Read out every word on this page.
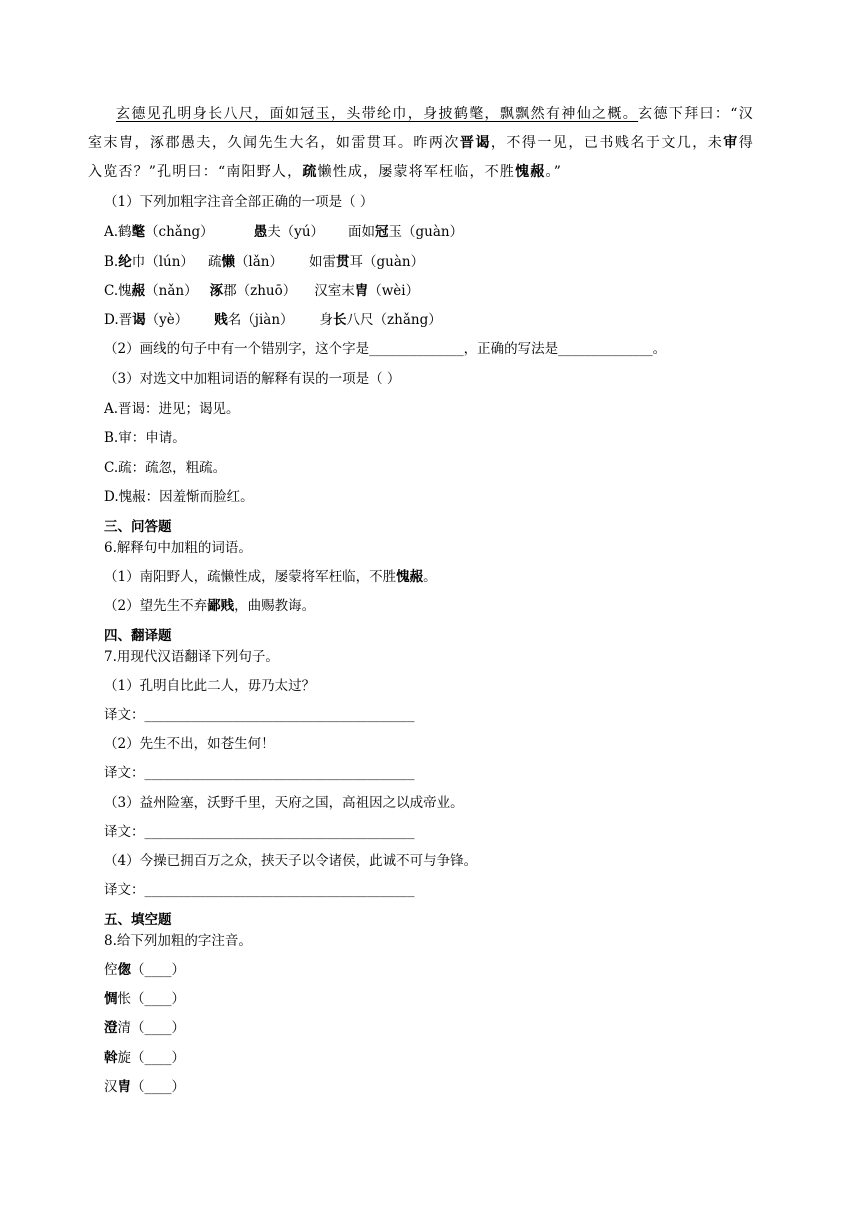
玄德见孔明身长八尺，面如冠玉，头带纶巾，身披鹤氅，飘飘然有神仙之概。玄德下拜曰：“汉室末胄，涿郡愚夫，久闻先生大名，如雷贯耳。昨两次晋谒，不得一见，已书贱名于文几，未审得入览否？”孔明曰：“南阳野人，疏懒性成，屡蒙将军枉临，不胜愧赧。”
（1）下列加粗字注音全部正确的一项是（ ）
A.鹤氅（chǎng）	愚夫（yú） 面如冠玉（guàn）
B.纶巾（lún） 疏懒（lǎn） 如雷贯耳（guàn）
C.愧赧（nǎn） 涿郡（zhuō） 汉室末胄（wèi）
D.晋谒（yè） 贱名（jiàn） 身长八尺（zhǎng）
（2）画线的句子中有一个错别字，这个字是______________，正确的写法是______________。
（3）对选文中加粗词语的解释有误的一项是（ ）
A.晋谒：进见；谒见。
B.审：申请。
C.疏：疏忽，粗疏。
D.愧赧：因羞惭而脸红。
三、问答题
6.解释句中加粗的词语。
（1）南阳野人，疏懒性成，屡蒙将军枉临，不胜愧赧。
（2）望先生不弃鄙贱，曲赐教诲。
四、翻译题
7.用现代汉语翻译下列句子。
（1）孔明自比此二人，毋乃太过？
译文：________________________________________
（2）先生不出，如苍生何！
译文：________________________________________
（3）益州险塞，沃野千里，天府之国，高祖因之以成帝业。
译文：________________________________________
（4）今操已拥百万之众，挟天子以令诸侯，此诚不可与争锋。
译文：________________________________________
五、填空题
8.给下列加粗的字注音。
倥偬（____）
惆怅（____）
澄清（____）
斡旋（____）
汉胄（____）
